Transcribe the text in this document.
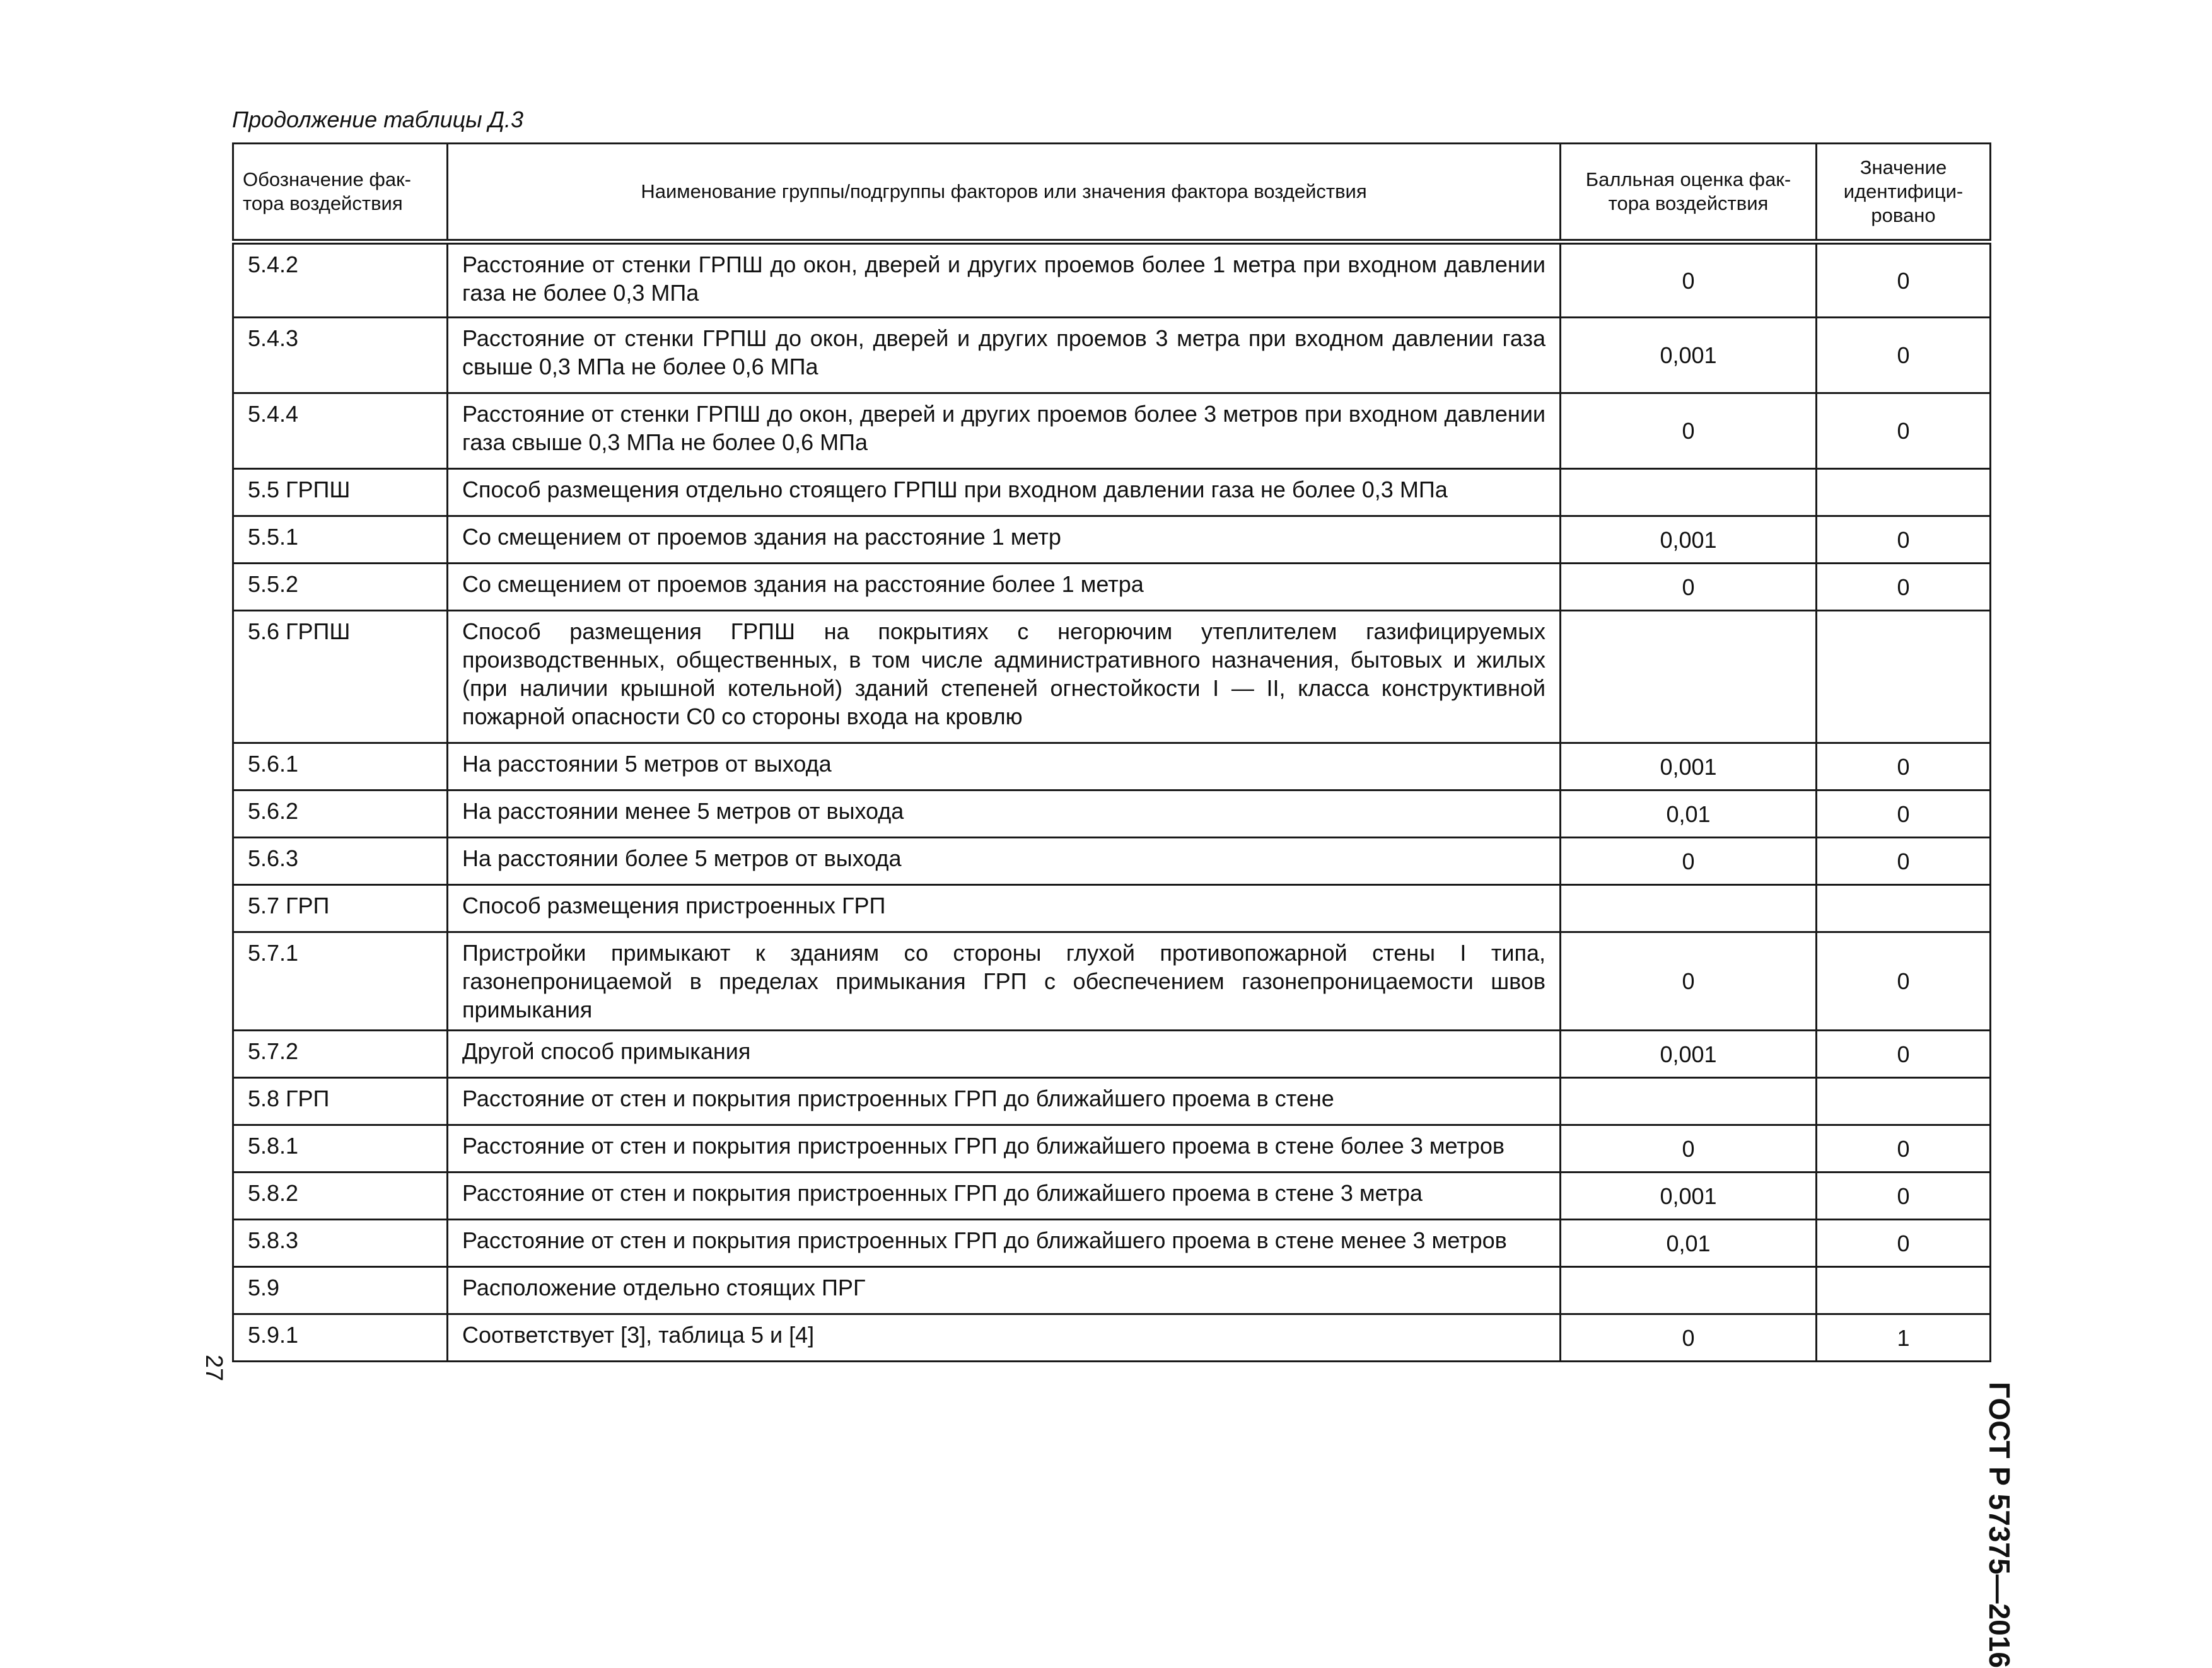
Продолжение таблицы Д.3
Обозначение фак-тора воздействия	Наименование группы/подгруппы факторов или значения фактора воздействия	Балльная оценка фак-тора воздействия	Значение идентифици-ровано
5.4.2	Расстояние от стенки ГРПШ до окон, дверей и других проемов более 1 метра при входном давлении газа не более 0,3 МПа	0	0
5.4.3	Расстояние от стенки ГРПШ до окон, дверей и других проемов 3 метра при входном давлении газа свыше 0,3 МПа не более 0,6 МПа	0,001	0
5.4.4	Расстояние от стенки ГРПШ до окон, дверей и других проемов более 3 метров при входном давлении газа свыше 0,3 МПа не более 0,6 МПа	0	0
5.5 ГРПШ	Способ размещения отдельно стоящего ГРПШ при входном давлении газа не более 0,3 МПа		
5.5.1	Со смещением от проемов здания на расстояние 1 метр	0,001	0
5.5.2	Со смещением от проемов здания на расстояние более 1 метра	0	0
5.6 ГРПШ	Способ размещения ГРПШ на покрытиях с негорючим утеплителем газифицируемых производственных, общественных, в том числе административного назначения, бытовых и жилых (при наличии крышной котельной) зданий степеней огнестойкости I — II, класса конструктивной пожарной опасности С0 со стороны входа на кровлю		
5.6.1	На расстоянии 5 метров от выхода	0,001	0
5.6.2	На расстоянии менее 5 метров от выхода	0,01	0
5.6.3	На расстоянии более 5 метров от выхода	0	0
5.7 ГРП	Способ размещения пристроенных ГРП		
5.7.1	Пристройки примыкают к зданиям со стороны глухой противопожарной стены I типа, газонепроницаемой в пределах примыкания ГРП с обеспечением газонепроницаемости швов примыкания	0	0
5.7.2	Другой способ примыкания	0,001	0
5.8 ГРП	Расстояние от стен и покрытия пристроенных ГРП до ближайшего проема в стене		
5.8.1	Расстояние от стен и покрытия пристроенных ГРП до ближайшего проема в стене более 3 метров	0	0
5.8.2	Расстояние от стен и покрытия пристроенных ГРП до ближайшего проема в стене 3 метра	0,001	0
5.8.3	Расстояние от стен и покрытия пристроенных ГРП до ближайшего проема в стене менее 3 метров	0,01	0
5.9	Расположение отдельно стоящих ПРГ		
5.9.1	Соответствует [3], таблица 5 и [4]	0	1
27
ГОСТ Р 57375—2016
